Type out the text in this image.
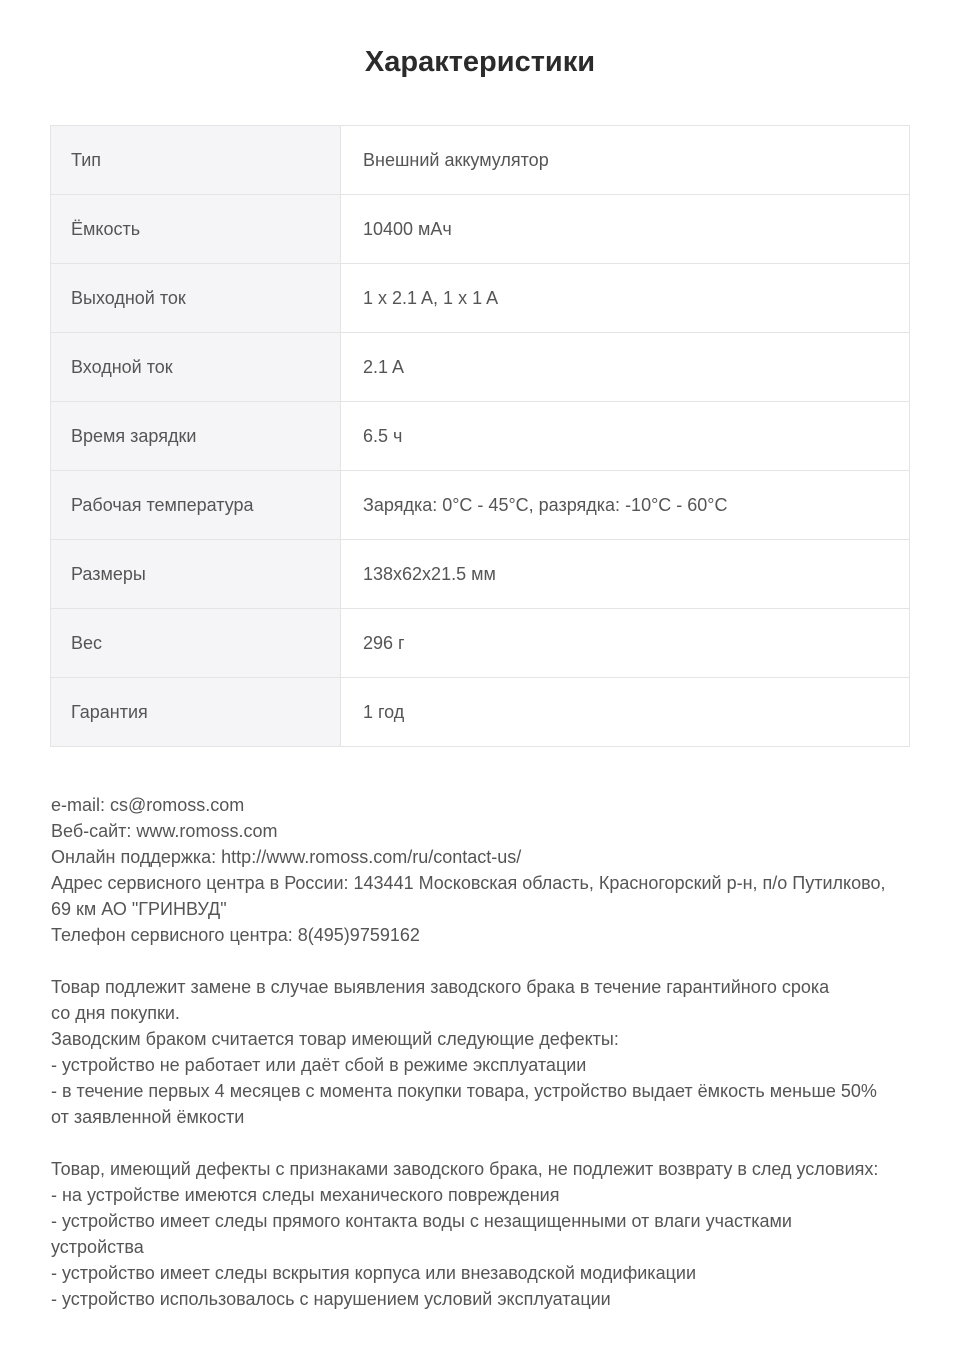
Характеристики
Тип	Внешний аккумулятор
Ёмкость	10400 мАч
Выходной ток	1 x 2.1 A, 1 x 1 A
Входной ток	2.1 A
Время зарядки	6.5 ч
Рабочая температура	Зарядка: 0°C - 45°C, разрядка: -10°C - 60°C
Размеры	138x62x21.5 мм
Вес	296 г
Гарантия	1 год
e-mail: cs@romoss.com
Веб-сайт: www.romoss.com
Онлайн поддержка: http://www.romoss.com/ru/contact-us/
Адрес сервисного центра в России: 143441 Московская область, Красногорский р-н, п/о Путилково,
69 км АО "ГРИНВУД"
Телефон сервисного центра: 8(495)9759162
Товар подлежит замене в случае выявления заводского брака в течение гарантийного срока
со дня покупки.
Заводским браком считается товар имеющий следующие дефекты:
- устройство не работает или даёт сбой в режиме эксплуатации
- в течение первых 4 месяцев с момента покупки товара, устройство выдает ёмкость меньше 50%
от заявленной ёмкости
Товар, имеющий дефекты с признаками заводского брака, не подлежит возврату в след условиях:
- на устройстве имеются следы механического повреждения
- устройство имеет следы прямого контакта воды с незащищенными от влаги участками
устройства
- устройство имеет следы вскрытия корпуса или внезаводской модификации
- устройство использовалось с нарушением условий эксплуатации
